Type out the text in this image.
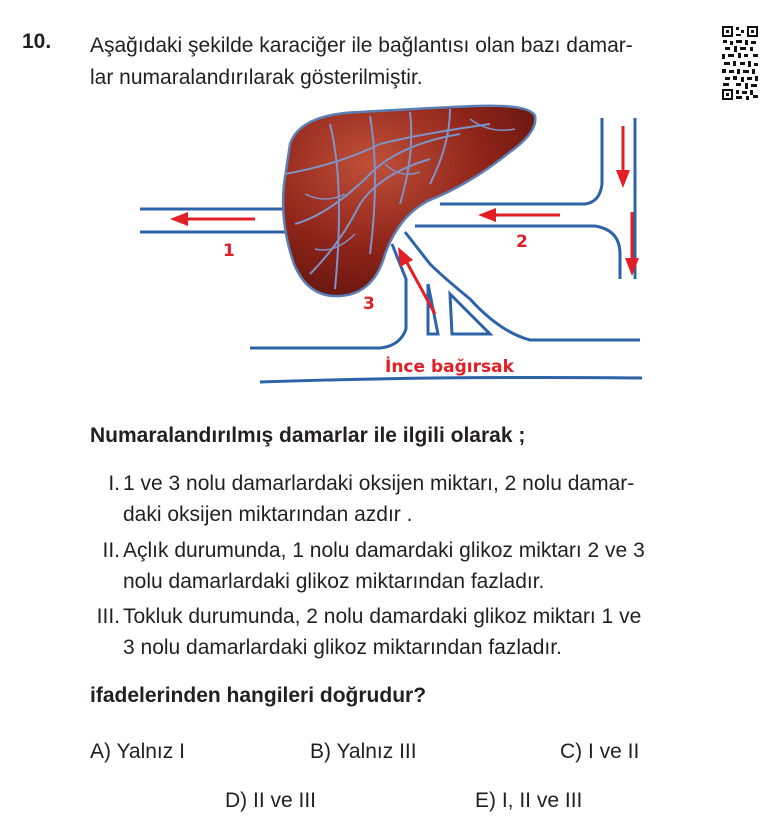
10. Aşağıdaki şekilde karaciğer ile bağlantısı olan bazı damar-
lar numaralandırılarak gösterilmiştir.
1	2
3
İnce bağırsak
Numaralandırılmış damarlar ile ilgili olarak ;
I. 1 ve 3 nolu damarlardaki oksijen miktarı, 2 nolu damar-
daki oksijen miktarından azdır .
II. Açlık durumunda, 1 nolu damardaki glikoz miktarı 2 ve 3
nolu damarlardaki glikoz miktarından fazladır.
III. Tokluk durumunda, 2 nolu damardaki glikoz miktarı 1 ve
3 nolu damarlardaki glikoz miktarından fazladır.
ifadelerinden hangileri doğrudur?
A) Yalnız I	B) Yalnız III	C) I ve II
D) II ve III	E) I, II ve III
